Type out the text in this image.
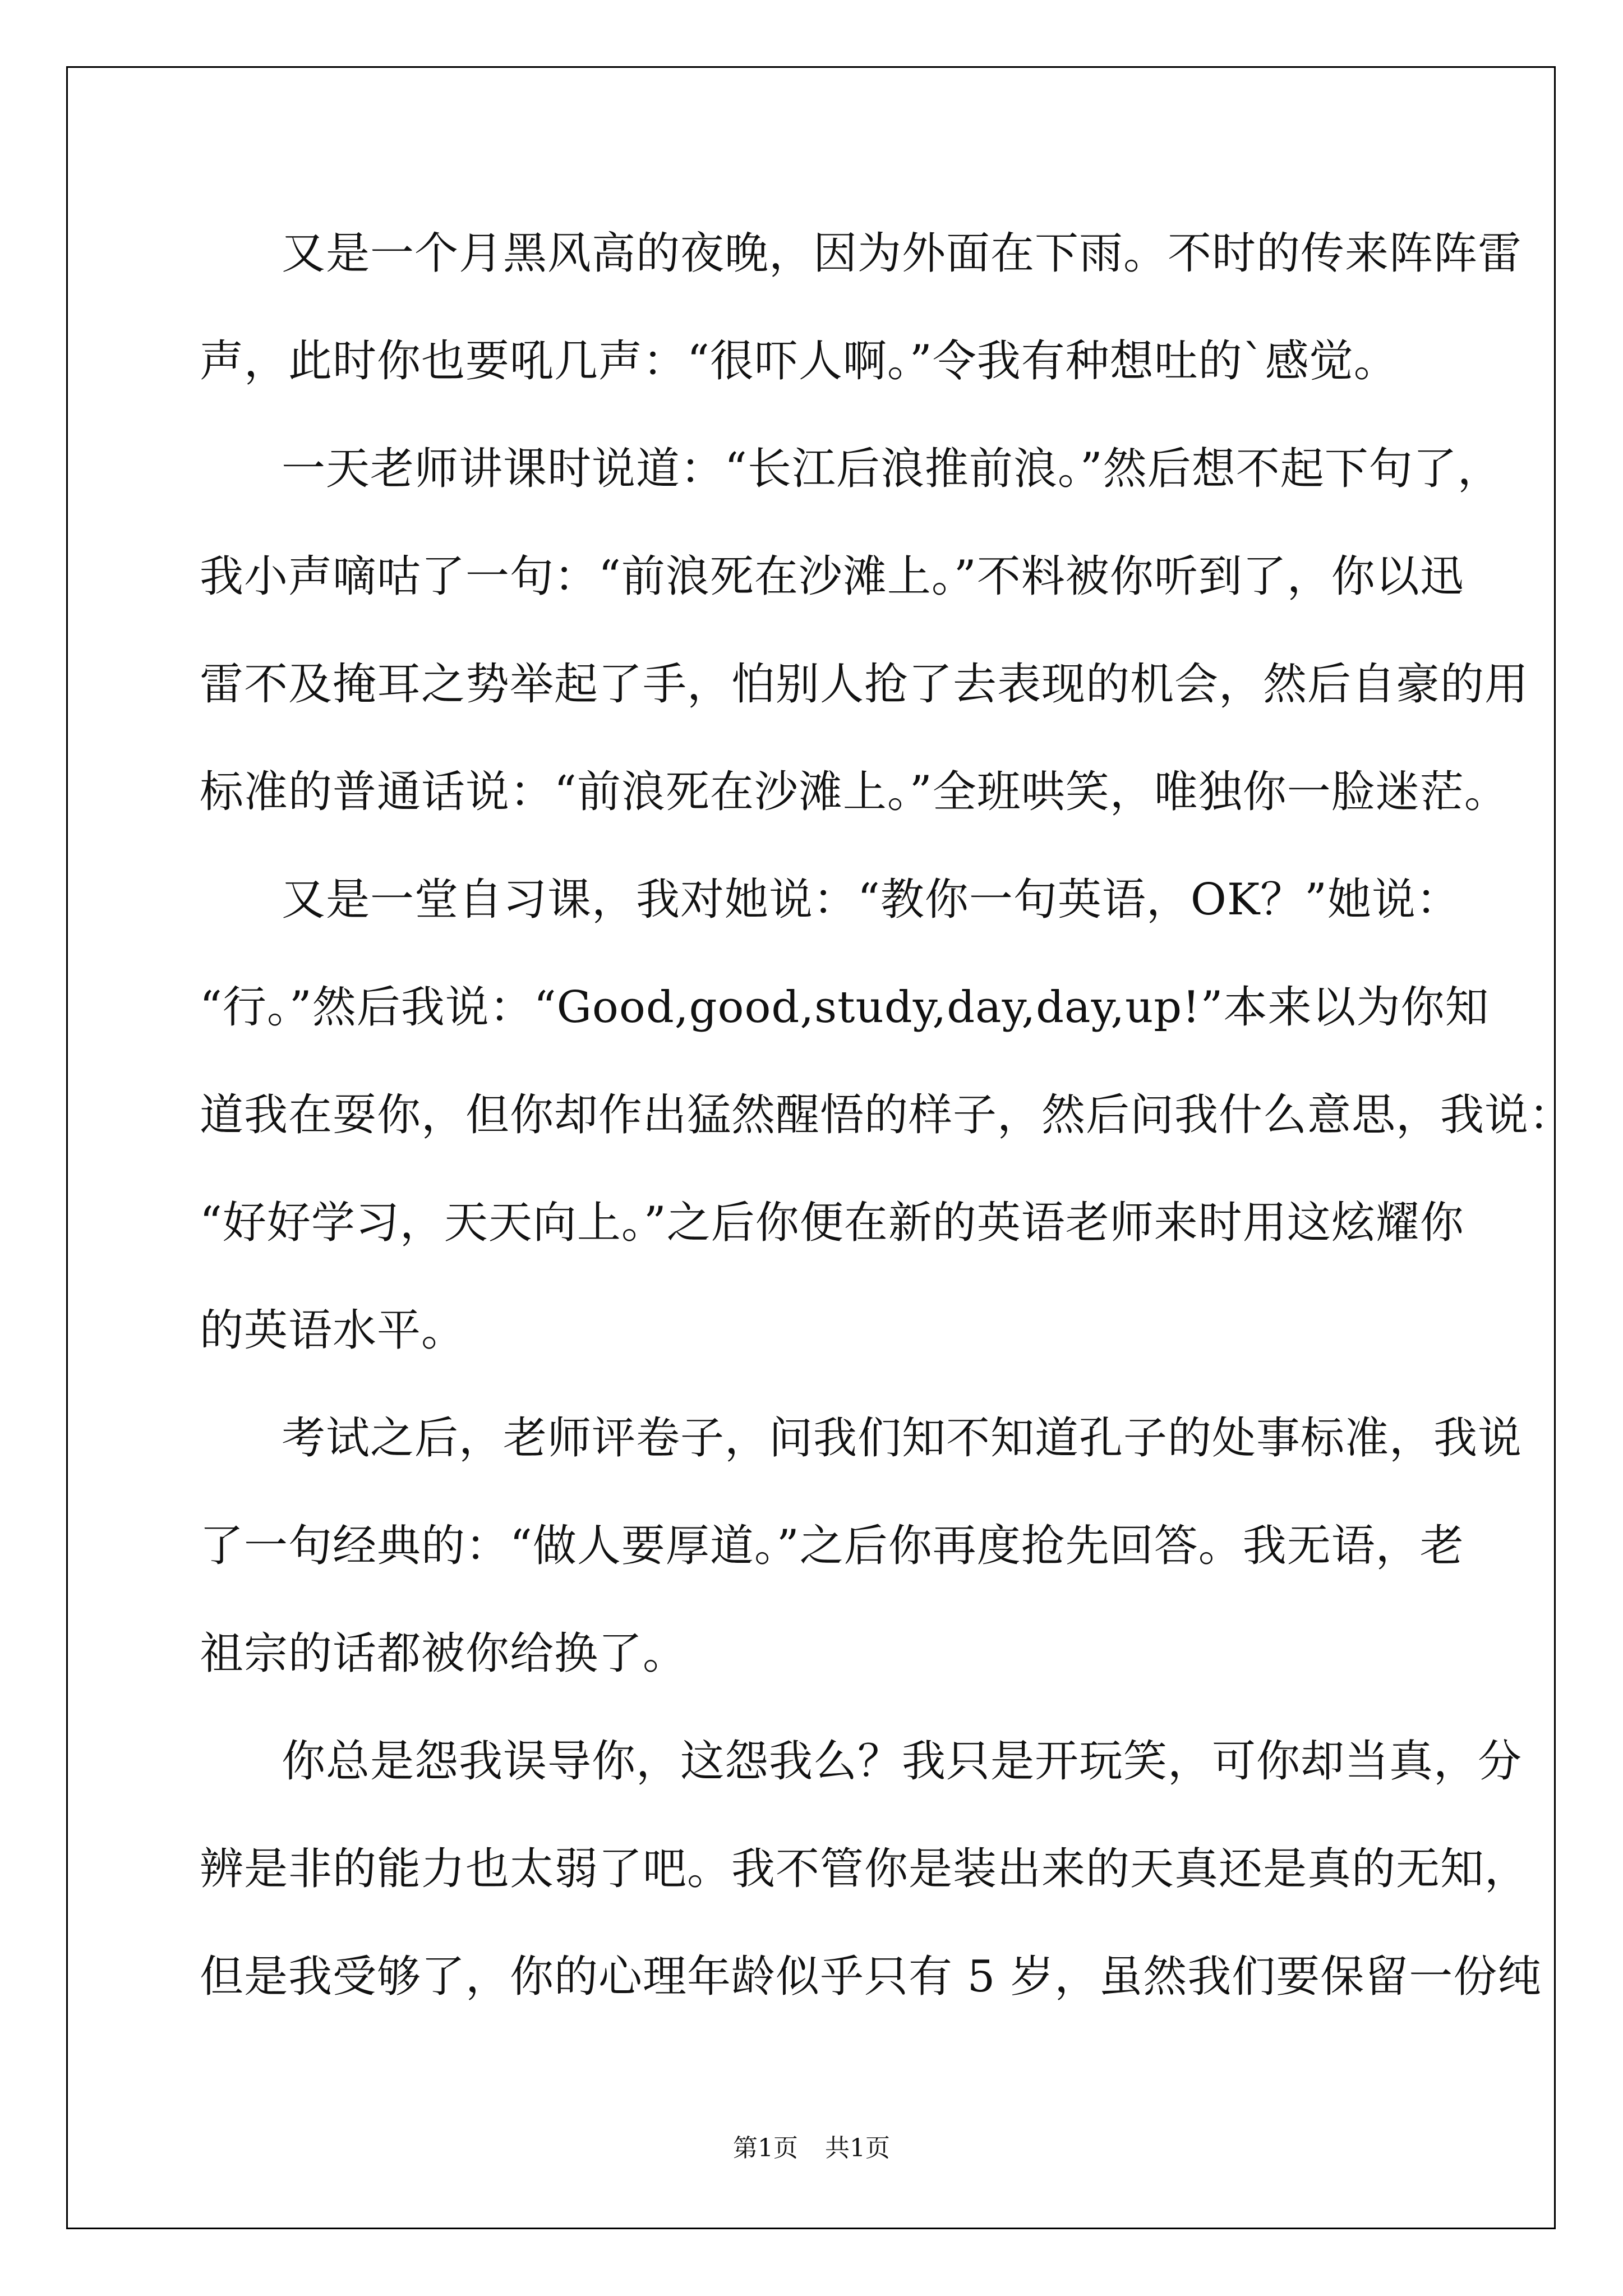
又是一个月黑风高的夜晚，因为外面在下雨。不时的传来阵阵雷
声，此时你也要吼几声：“很吓人啊。”令我有种想吐的`感觉。
一天老师讲课时说道：“长江后浪推前浪。”然后想不起下句了，
我小声嘀咕了一句：“前浪死在沙滩上。”不料被你听到了，你以迅
雷不及掩耳之势举起了手，怕别人抢了去表现的机会，然后自豪的用
标准的普通话说：“前浪死在沙滩上。”全班哄笑，唯独你一脸迷茫。
又是一堂自习课，我对她说：“教你一句英语，OK？”她说：
“行。”然后我说：“Good,good,study,day,day,up!”本来以为你知
道我在耍你，但你却作出猛然醒悟的样子，然后问我什么意思，我说：
“好好学习，天天向上。”之后你便在新的英语老师来时用这炫耀你
的英语水平。
考试之后，老师评卷子，问我们知不知道孔子的处事标准，我说
了一句经典的：“做人要厚道。”之后你再度抢先回答。我无语，老
祖宗的话都被你给换了。
你总是怨我误导你，这怨我么？我只是开玩笑，可你却当真，分
辨是非的能力也太弱了吧。我不管你是装出来的天真还是真的无知，
但是我受够了，你的心理年龄似乎只有 5 岁，虽然我们要保留一份纯
第1页 共1页
